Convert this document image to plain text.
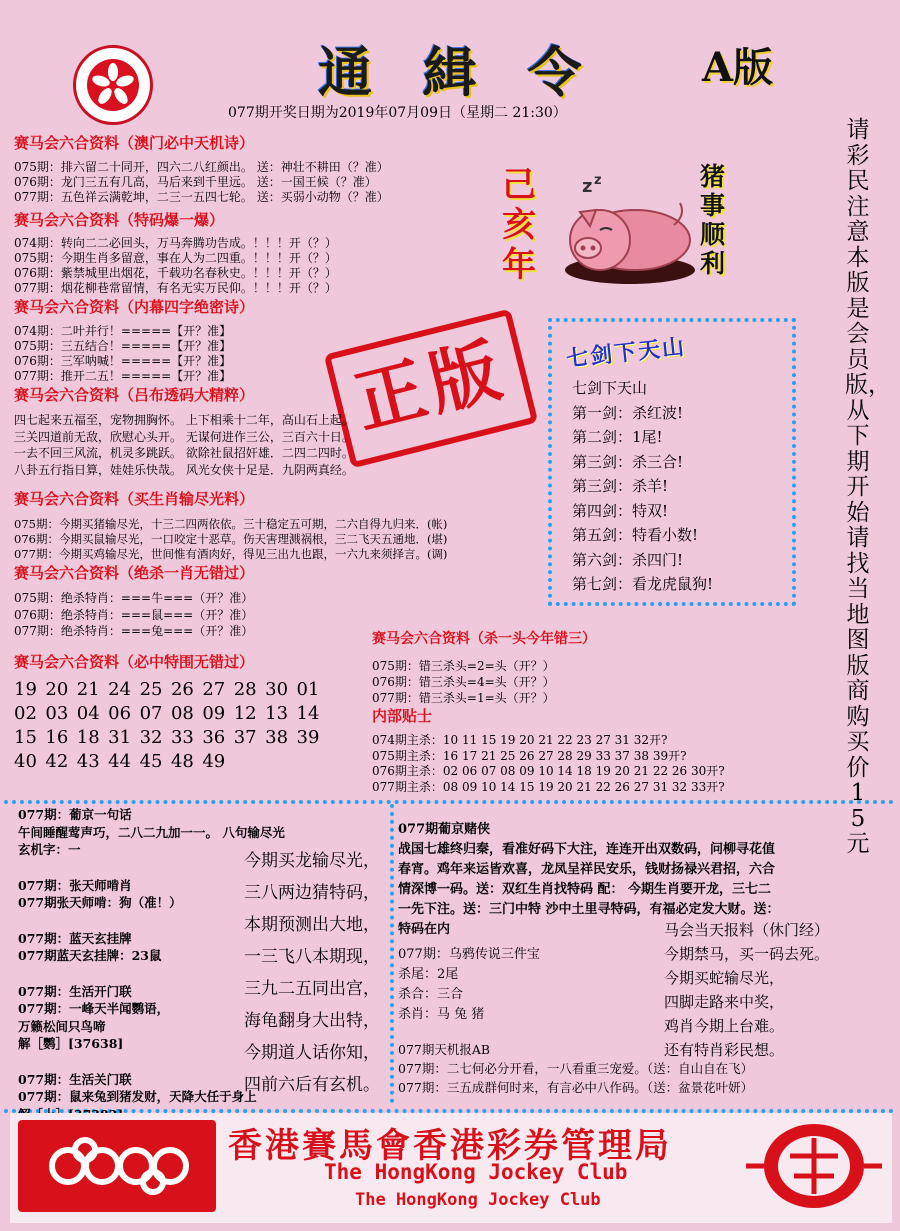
通 緝 令	A版
077期开奖日期为2019年07月09日（星期二 21:30）
请彩民注意本版是会员版，从下期开始请找当地图版商购买价15元
己亥年
猪事顺利
z z
正版
赛马会六合资料（澳门必中天机诗）
075期：排六留二十同开，四六二八红颜出。 送：神壮不耕田（？准）
076期：龙门三五有几高，马后来到千里远。 送：一国王候（？准）
077期：五色祥云满乾坤，二三一五四七轮。 送：买弱小动物（？准）
赛马会六合资料（特码爆一爆）
074期：转向二二必回头，万马奔腾功告成。！！！开（？）
075期：今期生肖多留意，事在人为二四重。！！！开（？）
076期：紫禁城里出烟花，千载功名春秋史。！！！开（？）
077期：烟花柳巷常留情，有名无实万民仰。！！！开（？）
赛马会六合资料（内幕四字绝密诗）
074期：二叶并行！=====【开？准】
075期：三五结合！=====【开？准】
076期：三军呐喊！=====【开？准】
077期：推开二五！=====【开？准】
赛马会六合资料（吕布透码大精粹）
四七起来五福至，宠物拥胸怀。 上下相乘十二年，高山石上起。
三关四道前无敌，欣慰心头开。 无谋何进作三公，三百六十日。
一去不回三风流，机灵多跳跃。 欲除社鼠招奸雄．二四二四时。
八卦五行指日算，娃娃乐快哉。 风光女侠十足是．九阴两真经。
赛马会六合资料（买生肖输尽光料）
075期：今期买猪输尽光，十三二四两依依。三十稳定五可期，二六自得九归来．(帐)
076期：今期买鼠输尽光，一口咬定十恶草。伤天害理溅祸根，三二飞天五通地．(堪)
077期：今期买鸡输尽光，世间惟有酒肉好，得见三出九也跟，一六九来须择言。(调)
赛马会六合资料（绝杀一肖无错过）
075期：绝杀特肖：===牛===（开？准）
076期：绝杀特肖：===鼠===（开？准）
077期：绝杀特肖：===兔===（开？准）
赛马会六合资料（必中特围无错过）
19 20 21 24 25 26 27 28 30 01
02 03 04 06 07 08 09 12 13 14
15 16 18 31 32 33 36 37 38 39
40 42 43 44 45 48 49
七剑下天山
七剑下天山
第一剑：杀红波!
第二剑：1尾!
第三剑：杀三合!
第三剑：杀羊!
第四剑：特双!
第五剑：特看小数!
第六剑：杀四门!
第七剑：看龙虎鼠狗!
赛马会六合资料（杀一头今年错三）
075期：错三杀头=2=头（开？）
076期：错三杀头=4=头（开？）
077期：错三杀头=1=头（开？）
内部贴士
074期主杀：10 11 15 19 20 21 22 23 27 31 32开?
075期主杀：16 17 21 25 26 27 28 29 33 37 38 39开?
076期主杀：02 06 07 08 09 10 14 18 19 20 21 22 26 30开?
077期主杀：08 09 10 14 15 19 20 21 22 26 27 31 32 33开?
077期：葡京一句话
午间睡醒莺声巧，二八二九加一一。 八句输尽光
玄机字：一
077期：张天师啃肖
077期张天师啃：狗（准！）
077期：蓝天玄挂牌
077期蓝天玄挂牌：23鼠
077期：生活开门联
077期：一峰天半闻鹦语，
万籁松间只鸟啼
解［鹦］[37638]
077期：生活关门联
077期：鼠来兔到猪发财，天降大任于身上
今期买龙输尽光，
三八两边猜特码，
本期预测出大地，
一三飞八本期现，
三九二五同出宫，
海龟翻身大出特，
今期道人话你知，
四前六后有玄机。
077期葡京赌侠
战国七雄终归秦，看准好码下大注，连连开出双数码，问柳寻花值
春宵。鸡年来运皆欢喜，龙凤呈祥民安乐，钱财扬禄兴君招，六合
情深博一码。送：双红生肖找特码 配： 今期生肖要开龙，三七二
一先下注。送：三门中特 沙中土里寻特码，有福必定发大财。送：
特码在内
077期：乌鸦传说三件宝
杀尾：2尾
杀合：三合
杀肖：马 兔 猪
马会当天报料（休门经）
今期禁马，买一码去死。
今期买蛇输尽光，
四脚走路来中奖，
鸡肖今期上台难。
还有特肖彩民想。
077期天机报AB
077期：二七何必分开看，一八看重三宠爱。（送：自山自在飞）
077期：三五成群何时来，有言必中八作码。（送：盆景花叶妍）
香港賽馬會香港彩券管理局
The HongKong Jockey Club
The HongKong Jockey Club
